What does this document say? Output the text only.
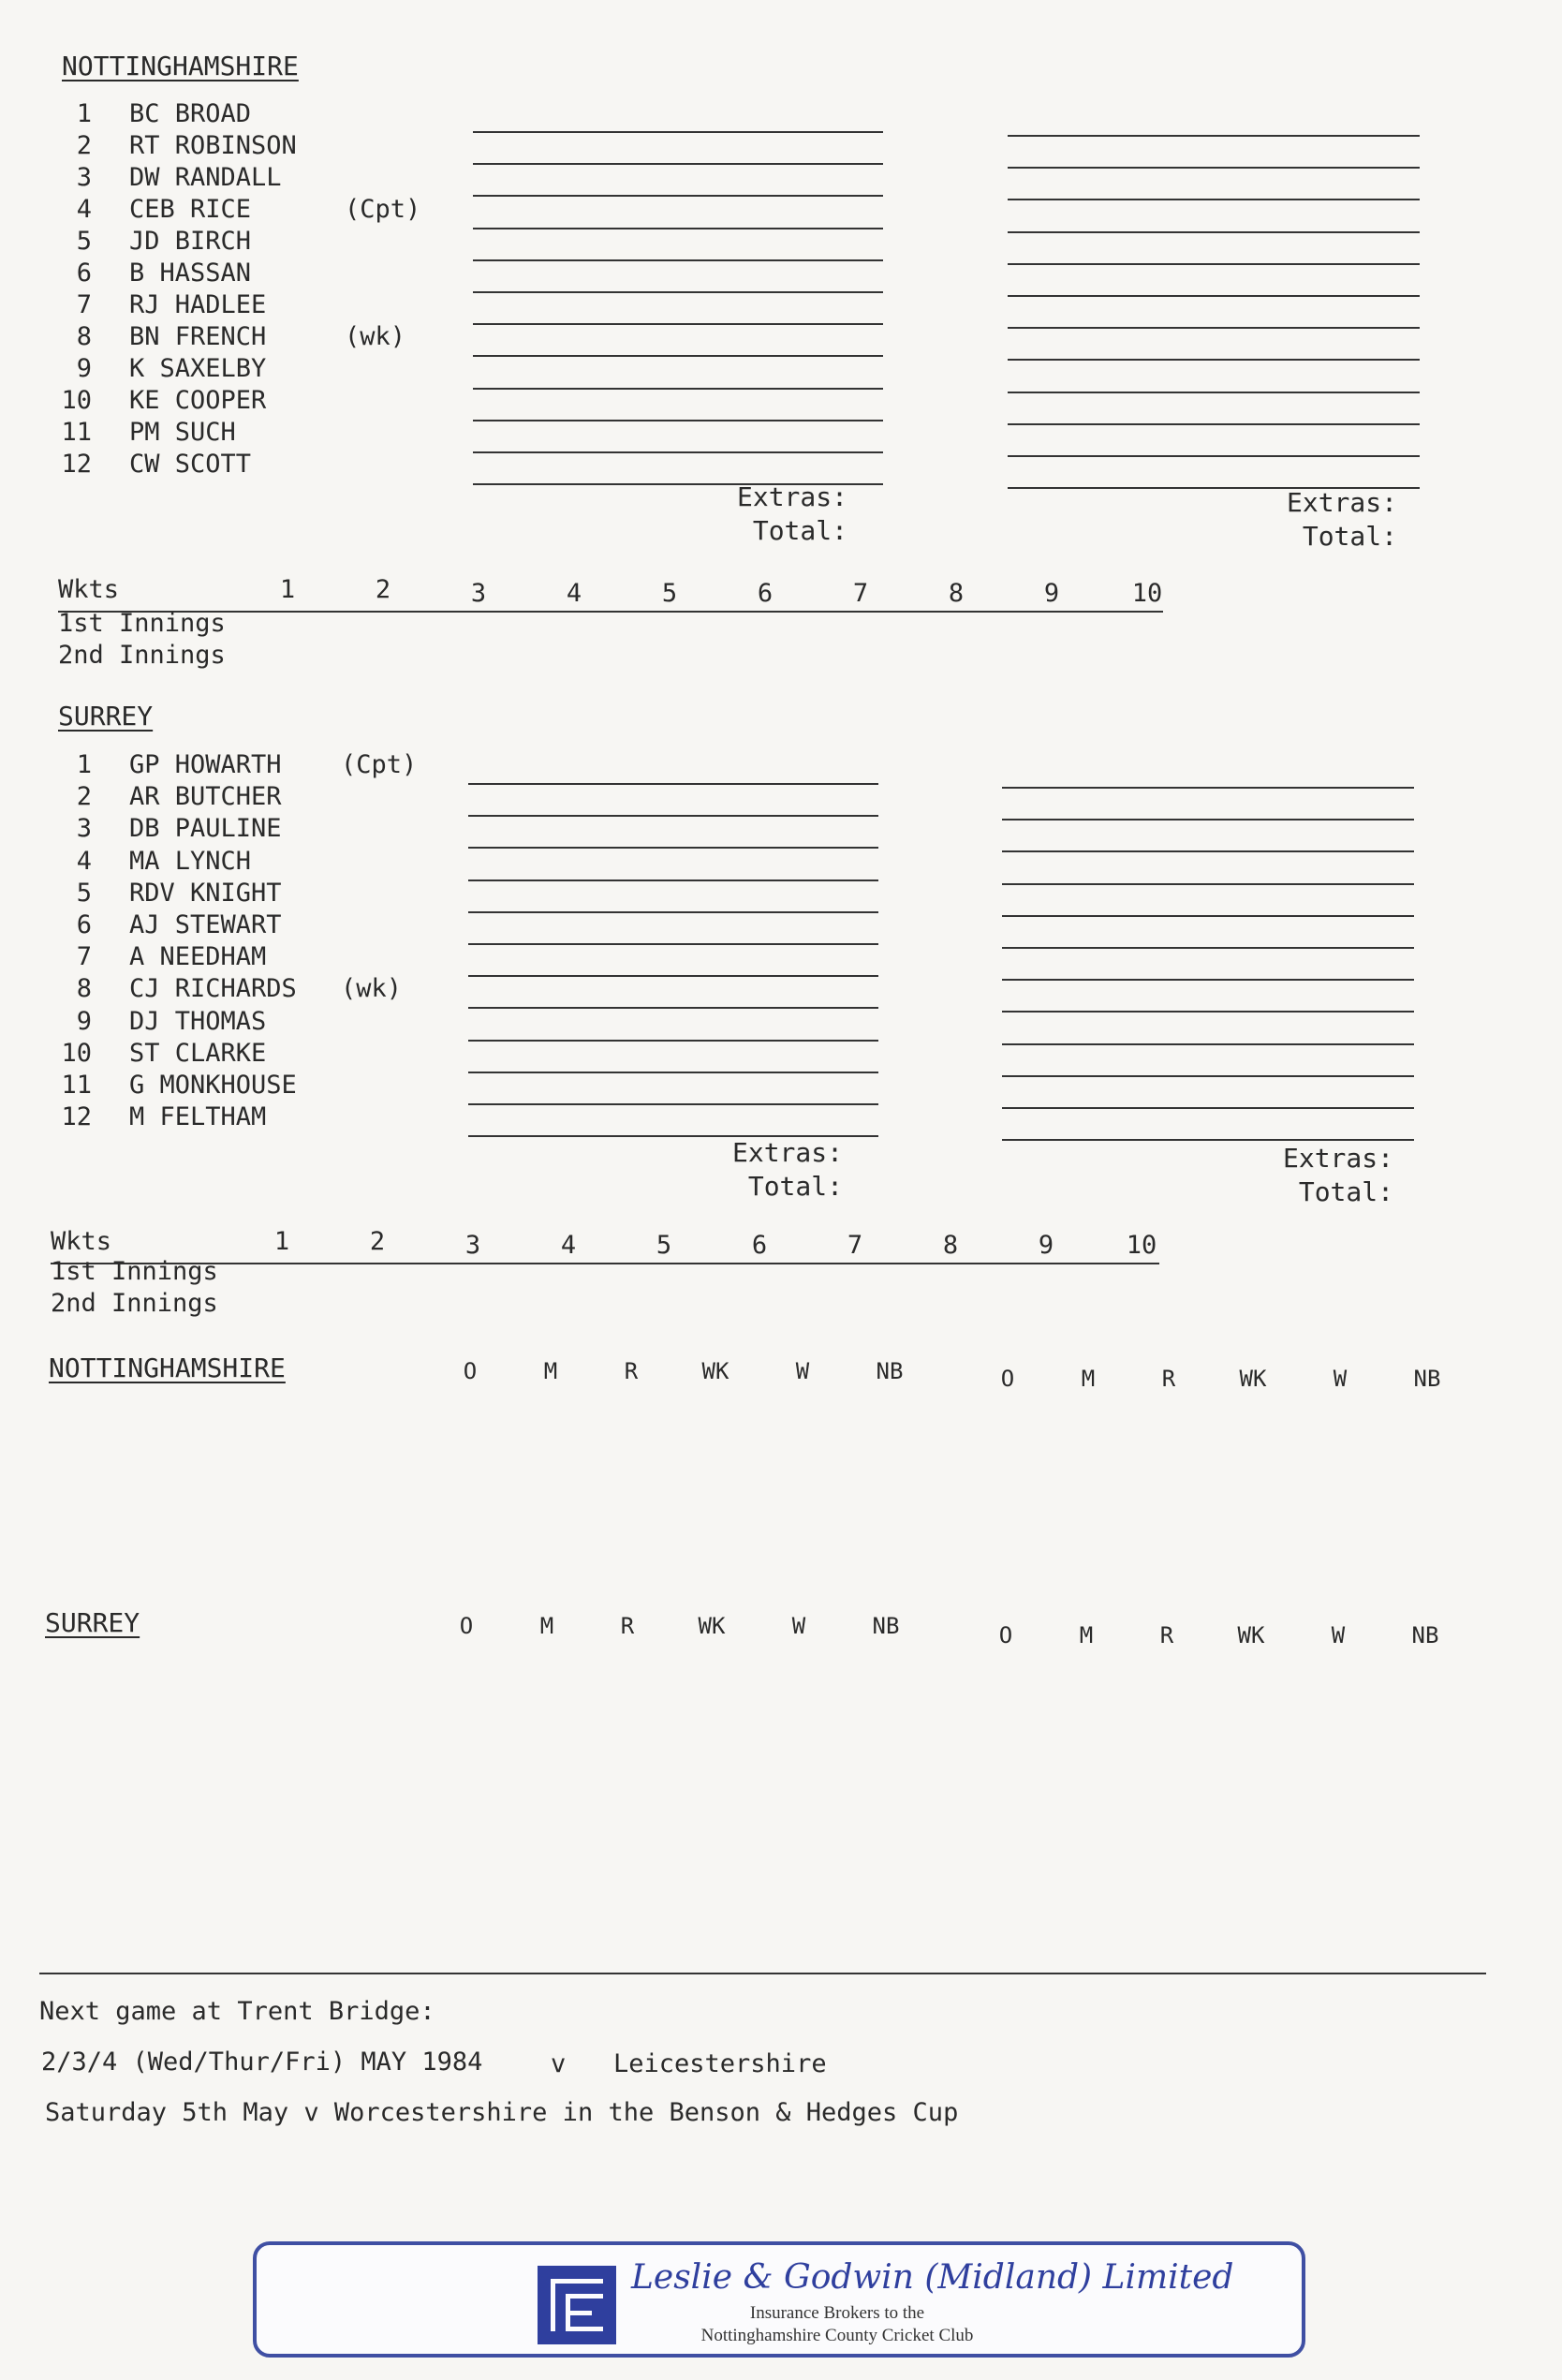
NOTTINGHAMSHIRE
1 BC BROAD
2 RT ROBINSON
3 DW RANDALL
4 CEB RICE	(Cpt)
5 JD BIRCH
6 B HASSAN
7 RJ HADLEE
8 BN FRENCH	(wk)
9 K SAXELBY
10 KE COOPER
11 PM SUCH
12 CW SCOTT
Extras:
Total:
Extras:
Total:
Wkts	1	2	3	4	5	6	7	8	9	10
1st Innings
2nd Innings
SURREY
1 GP HOWARTH (Cpt)
2 AR BUTCHER
3 DB PAULINE
4 MA LYNCH
5 RDV KNIGHT
6 AJ STEWART
7 A NEEDHAM
8 CJ RICHARDS (wk)
9 DJ THOMAS
10 ST CLARKE
11 G MONKHOUSE
12 M FELTHAM
Extras:
Total:
Extras:
Total:
Wkts	1	2	3	4	5	6	7	8	9	10
1st Innings
2nd Innings
NOTTINGHAMSHIRE	O	M	R	WK	W	NB	O	M	R	WK	W	NB
SURREY	O	M	R	WK	W	NB	O	M	R	WK	W	NB
Next game at Trent Bridge:
2/3/4 (Wed/Thur/Fri) MAY 1984	v Leicestershire
Saturday 5th May v Worcestershire in the Benson & Hedges Cup
Leslie & Godwin (Midland) Limited
Insurance Brokers to the
Nottinghamshire County Cricket Club
